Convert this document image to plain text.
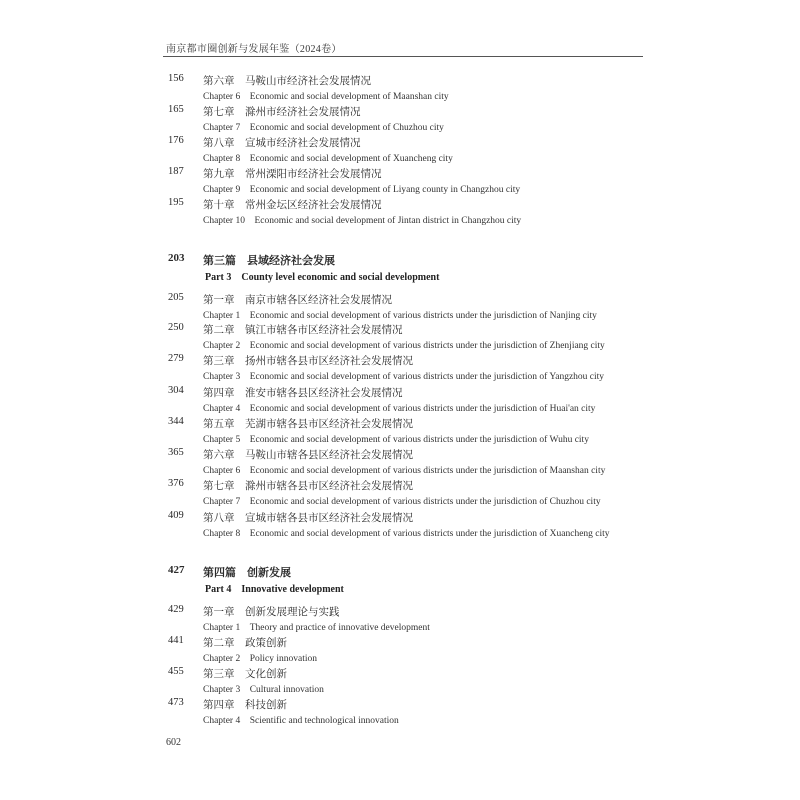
南京都市圈创新与发展年鉴（2024卷）
156 第六章　马鞍山市经济社会发展情况
Chapter 6　Economic and social development of Maanshan city
165 第七章　滁州市经济社会发展情况
Chapter 7　Economic and social development of Chuzhou city
176 第八章　宣城市经济社会发展情况
Chapter 8　Economic and social development of Xuancheng city
187 第九章　常州溧阳市经济社会发展情况
Chapter 9　Economic and social development of Liyang county in Changzhou city
195 第十章　常州金坛区经济社会发展情况
Chapter 10　Economic and social development of Jintan district in Changzhou city
203 第三篇　县域经济社会发展
Part 3　County level economic and social development
205 第一章　南京市辖各区经济社会发展情况
Chapter 1　Economic and social development of various districts under the jurisdiction of Nanjing city
250 第二章　镇江市辖各市区经济社会发展情况
Chapter 2　Economic and social development of various districts under the jurisdiction of Zhenjiang city
279 第三章　扬州市辖各县市区经济社会发展情况
Chapter 3　Economic and social development of various districts under the jurisdiction of Yangzhou city
304 第四章　淮安市辖各县区经济社会发展情况
Chapter 4　Economic and social development of various districts under the jurisdiction of Huai'an city
344 第五章　芜湖市辖各县市区经济社会发展情况
Chapter 5　Economic and social development of various districts under the jurisdiction of Wuhu city
365 第六章　马鞍山市辖各县区经济社会发展情况
Chapter 6　Economic and social development of various districts under the jurisdiction of Maanshan city
376 第七章　滁州市辖各县市区经济社会发展情况
Chapter 7　Economic and social development of various districts under the jurisdiction of Chuzhou city
409 第八章　宣城市辖各县市区经济社会发展情况
Chapter 8　Economic and social development of various districts under the jurisdiction of Xuancheng city
427 第四篇　创新发展
Part 4　Innovative development
429 第一章　创新发展理论与实践
Chapter 1　Theory and practice of innovative development
441 第二章　政策创新
Chapter 2　Policy innovation
455 第三章　文化创新
Chapter 3　Cultural innovation
473 第四章　科技创新
Chapter 4　Scientific and technological innovation
602
